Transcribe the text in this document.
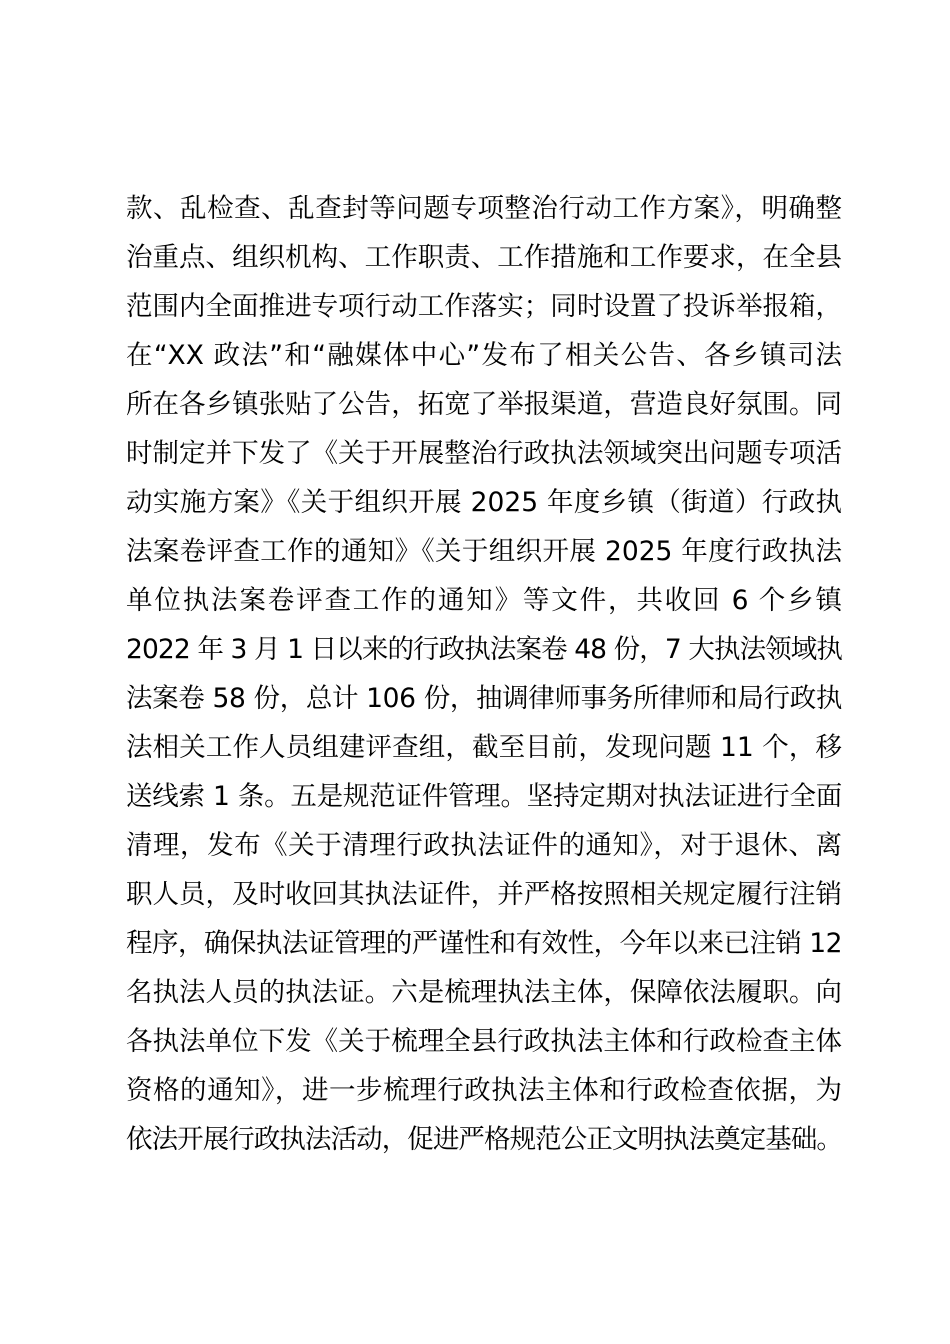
款、乱检查、乱查封等问题专项整治行动工作方案》，明确整
治重点、组织机构、工作职责、工作措施和工作要求，在全县
范围内全面推进专项行动工作落实；同时设置了投诉举报箱，
在“XX 政法”和“融媒体中心”发布了相关公告、各乡镇司法
所在各乡镇张贴了公告，拓宽了举报渠道，营造良好氛围。同
时制定并下发了《关于开展整治行政执法领域突出问题专项活
动实施方案》《关于组织开展 2025 年度乡镇（街道）行政执
法案卷评查工作的通知》《关于组织开展 2025 年度行政执法
单位执法案卷评查工作的通知》等文件，共收回 6 个乡镇
2022 年 3 月 1 日以来的行政执法案卷 48 份，7 大执法领域执
法案卷 58 份，总计 106 份，抽调律师事务所律师和局行政执
法相关工作人员组建评查组，截至目前，发现问题 11 个，移
送线索 1 条。五是规范证件管理。坚持定期对执法证进行全面
清理，发布《关于清理行政执法证件的通知》，对于退休、离
职人员，及时收回其执法证件，并严格按照相关规定履行注销
程序，确保执法证管理的严谨性和有效性，今年以来已注销 12
名执法人员的执法证。六是梳理执法主体，保障依法履职。向
各执法单位下发《关于梳理全县行政执法主体和行政检查主体
资格的通知》，进一步梳理行政执法主体和行政检查依据，为
依法开展行政执法活动，促进严格规范公正文明执法奠定基础。
